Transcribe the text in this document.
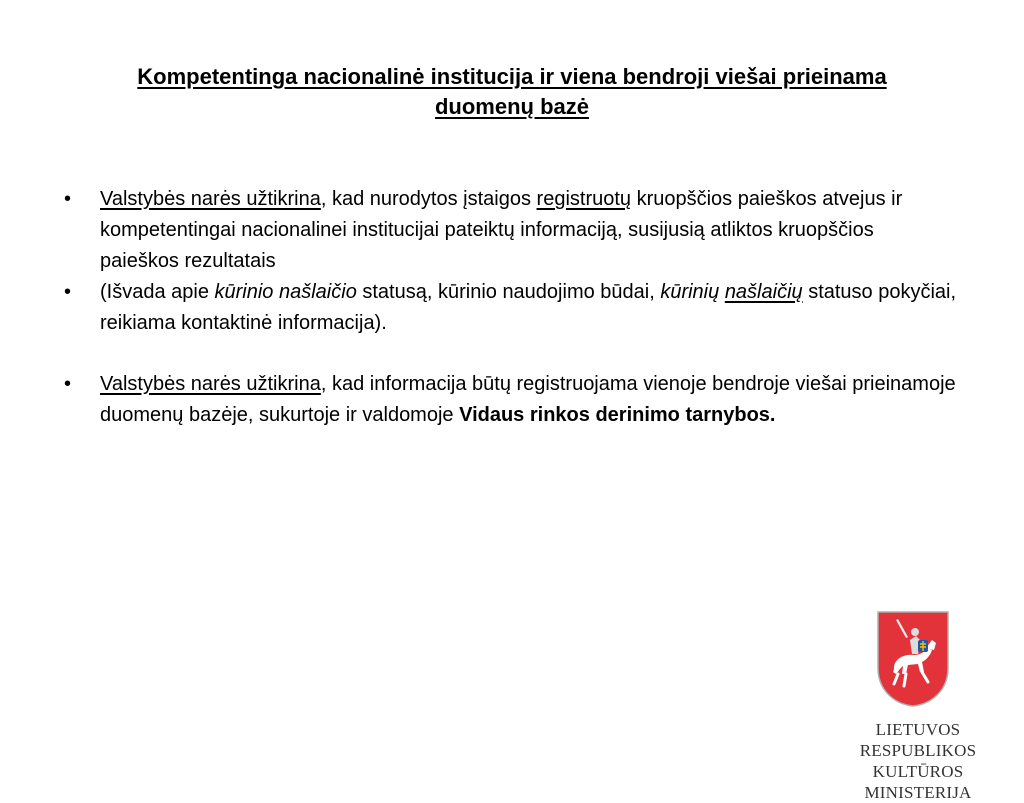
Kompetentinga nacionalinė institucija ir viena bendroji viešai prieinama duomenų bazė
• Valstybės narės užtikrina, kad nurodytos įstaigos registruotų kruopščios paieškos atvejus ir kompetentingai nacionalinei institucijai pateiktų informaciją, susijusią atliktos kruopščios paieškos rezultatais
• (Išvada apie kūrinio našlaičio statusą, kūrinio naudojimo būdai, kūrinių našlaičių statuso pokyčiai, reikiama kontaktinė informacija).
• Valstybės narės užtikrina, kad informacija būtų registruojama vienoje bendroje viešai prieinamoje duomenų bazėje, sukurtoje ir valdomoje Vidaus rinkos derinimo tarnybos.
LIETUVOS RESPUBLIKOS
KULTŪROS MINISTERIJA
